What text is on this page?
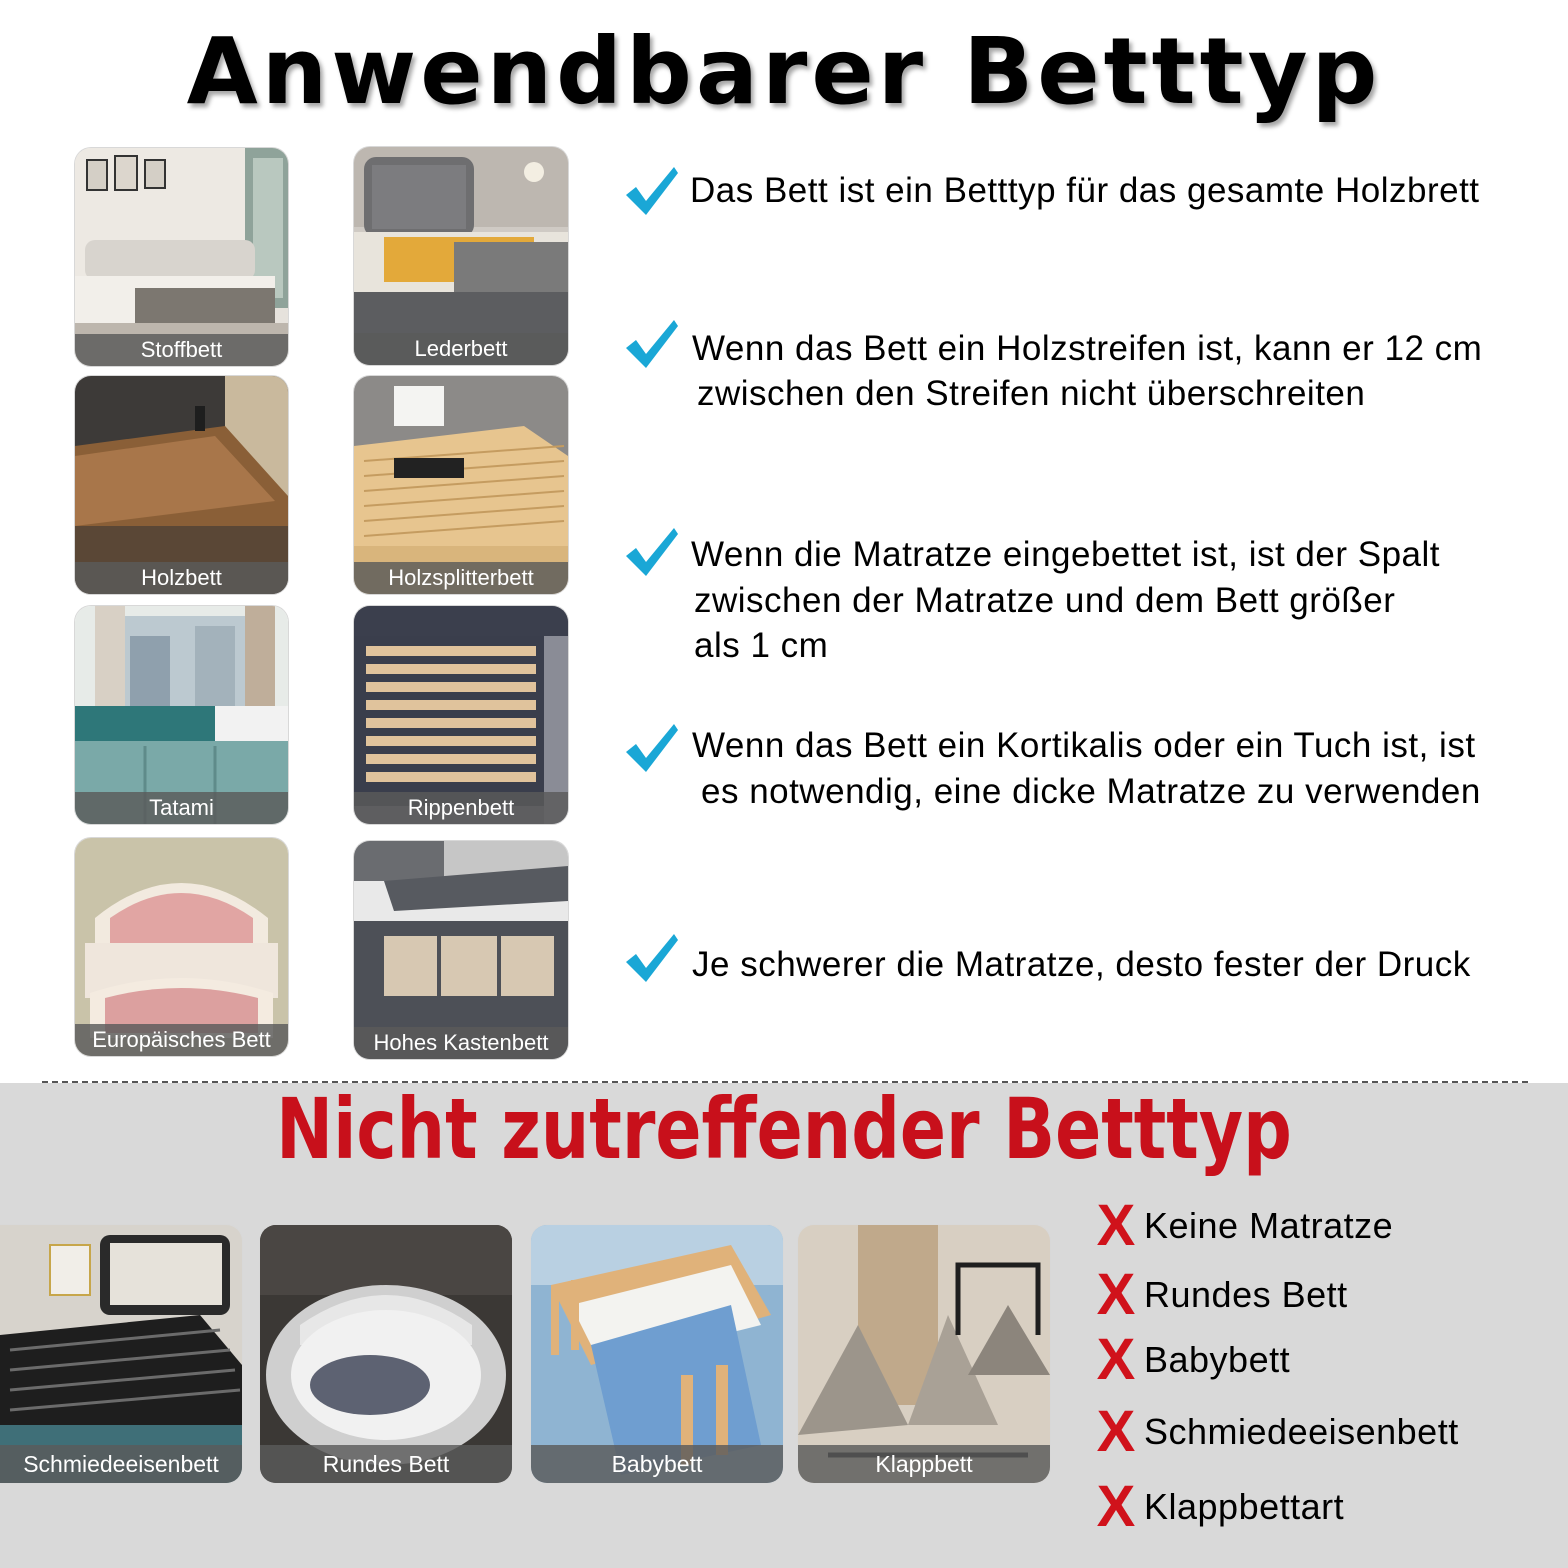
Anwendbarer Betttyp
Stoffbett	Lederbett
Holzbett	Holzsplitterbett
Tatami	Rippenbett
Europäisches Bett	Hohes Kastenbett
Das Bett ist ein Betttyp für das gesamte Holzbrett
Wenn das Bett ein Holzstreifen ist, kann er 12 cm
zwischen den Streifen nicht überschreiten
Wenn die Matratze eingebettet ist, ist der Spalt
zwischen der Matratze und dem Bett größer
als 1 cm
Wenn das Bett ein Kortikalis oder ein Tuch ist, ist
es notwendig, eine dicke Matratze zu verwenden
Je schwerer die Matratze, desto fester der Druck
Nicht zutreffender Betttyp
Schmiedeeisenbett	Rundes Bett	Babybett	Klappbett
X Keine Matratze
X Rundes Bett
X Babybett
X Schmiedeeisenbett
X Klappbettart
